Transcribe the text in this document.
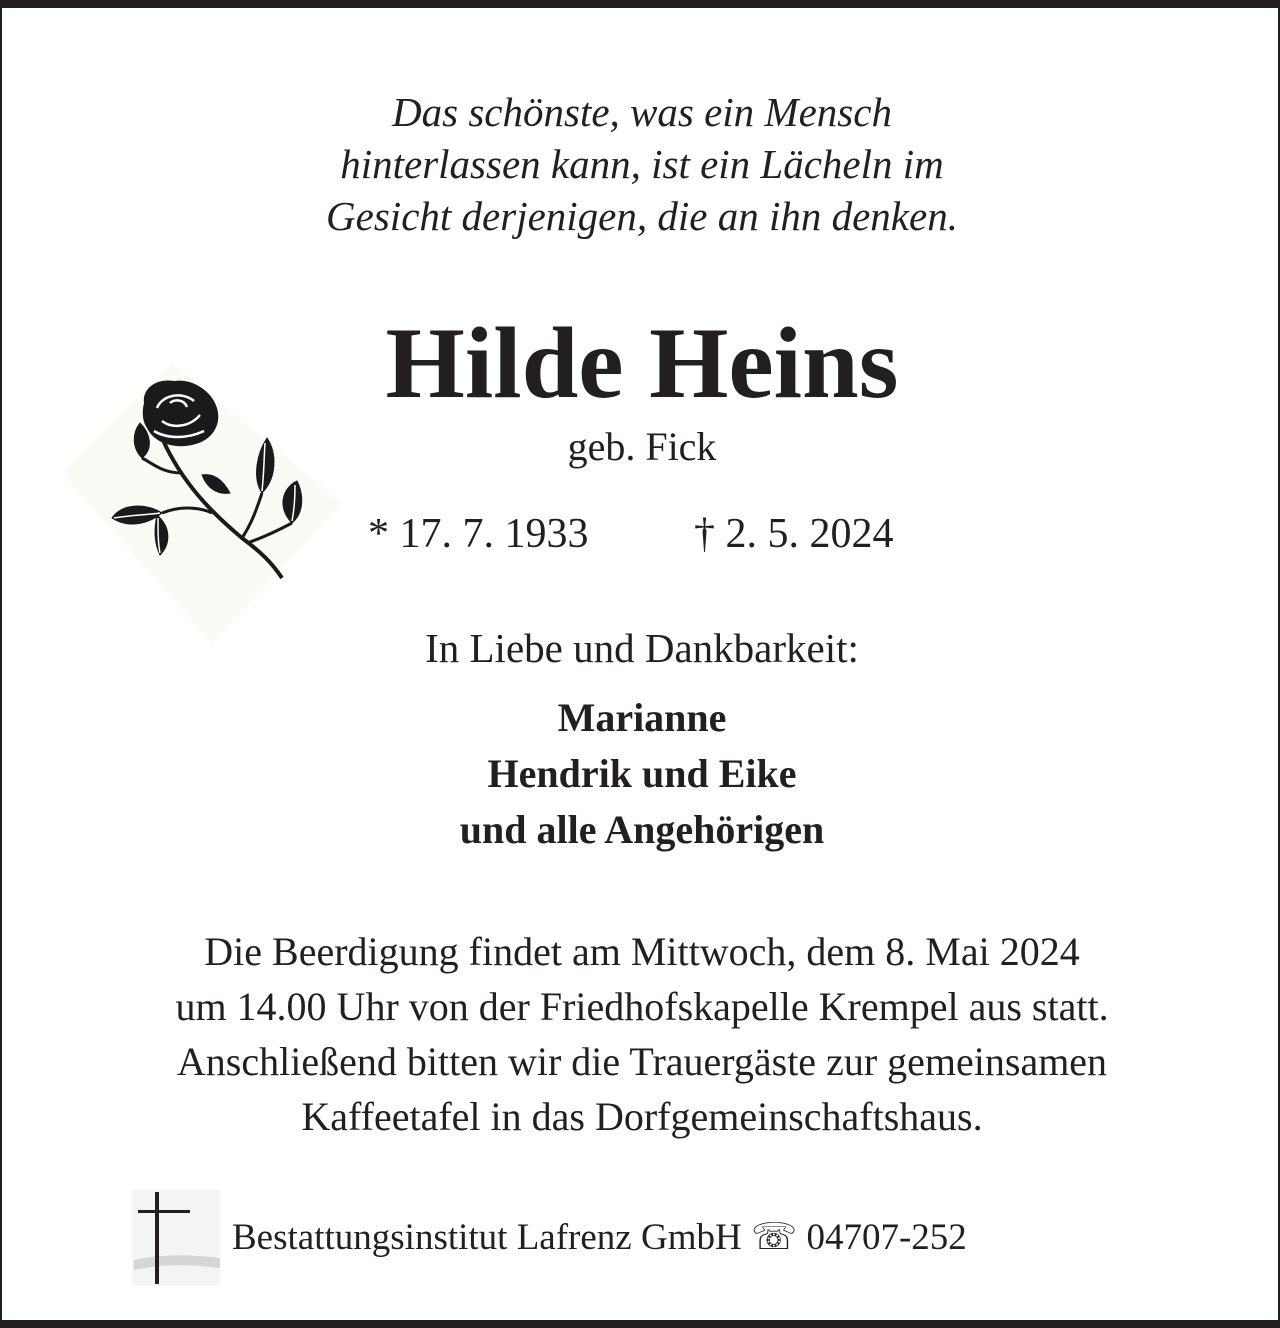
Das schönste, was ein Mensch
hinterlassen kann, ist ein Lächeln im
Gesicht derjenigen, die an ihn denken.
Hilde Heins
geb. Fick
* 17. 7. 1933	† 2. 5. 2024
In Liebe und Dankbarkeit:
Marianne
Hendrik und Eike
und alle Angehörigen
Die Beerdigung findet am Mittwoch, dem 8. Mai 2024
um 14.00 Uhr von der Friedhofskapelle Krempel aus statt.
Anschließend bitten wir die Trauergäste zur gemeinsamen
Kaffeetafel in das Dorfgemeinschaftshaus.
Bestattungsinstitut Lafrenz GmbH ☏ 04707-252
